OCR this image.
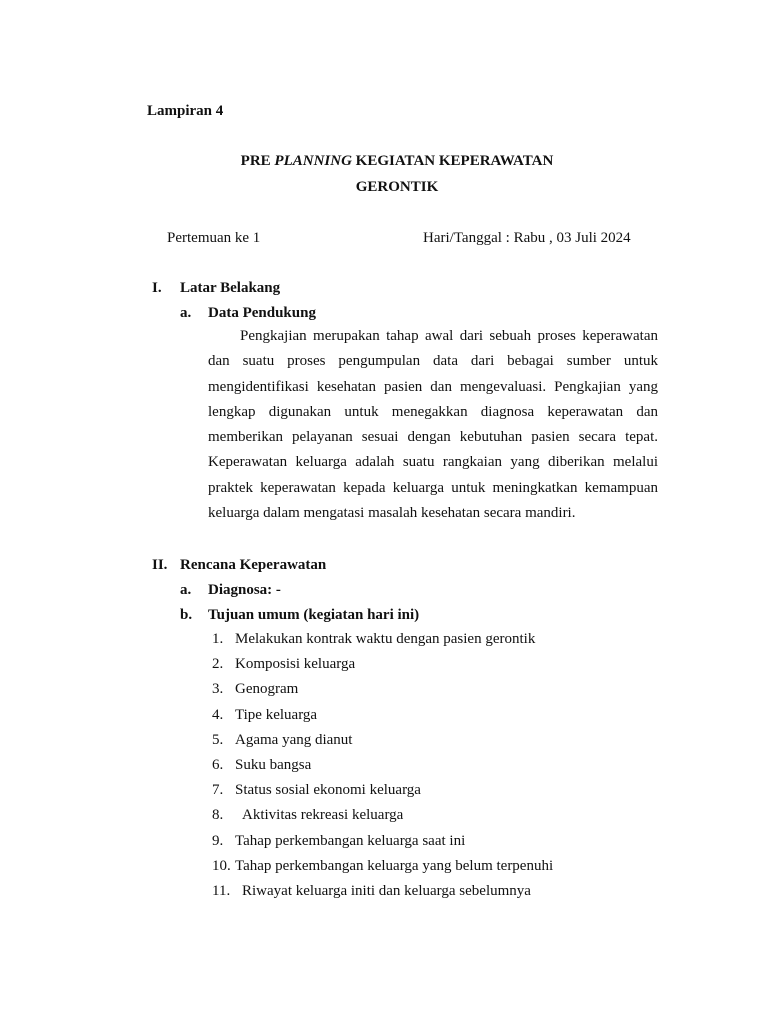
Lampiran 4
PRE PLANNING KEGIATAN KEPERAWATAN
GERONTIK
Pertemuan ke 1	Hari/Tanggal : Rabu , 03 Juli 2024
I. Latar Belakang
a. Data Pendukung

Pengkajian merupakan tahap awal dari sebuah proses keperawatan dan suatu proses pengumpulan data dari bebagai sumber untuk mengidentifikasi kesehatan pasien dan mengevaluasi. Pengkajian yang lengkap digunakan untuk menegakkan diagnosa keperawatan dan memberikan pelayanan sesuai dengan kebutuhan pasien secara tepat. Keperawatan keluarga adalah suatu rangkaian yang diberikan melalui praktek keperawatan kepada keluarga untuk meningkatkan kemampuan keluarga dalam mengatasi masalah kesehatan secara mandiri.

II. Rencana Keperawatan
a. Diagnosa: -
b. Tujuan umum (kegiatan hari ini)
1. Melakukan kontrak waktu dengan pasien gerontik
2. Komposisi keluarga
3. Genogram
4. Tipe keluarga
5. Agama yang dianut
6. Suku bangsa
7. Status sosial ekonomi keluarga
8. Aktivitas rekreasi keluarga
9. Tahap perkembangan keluarga saat ini
10. Tahap perkembangan keluarga yang belum terpenuhi
11. Riwayat keluarga initi dan keluarga sebelumnya
